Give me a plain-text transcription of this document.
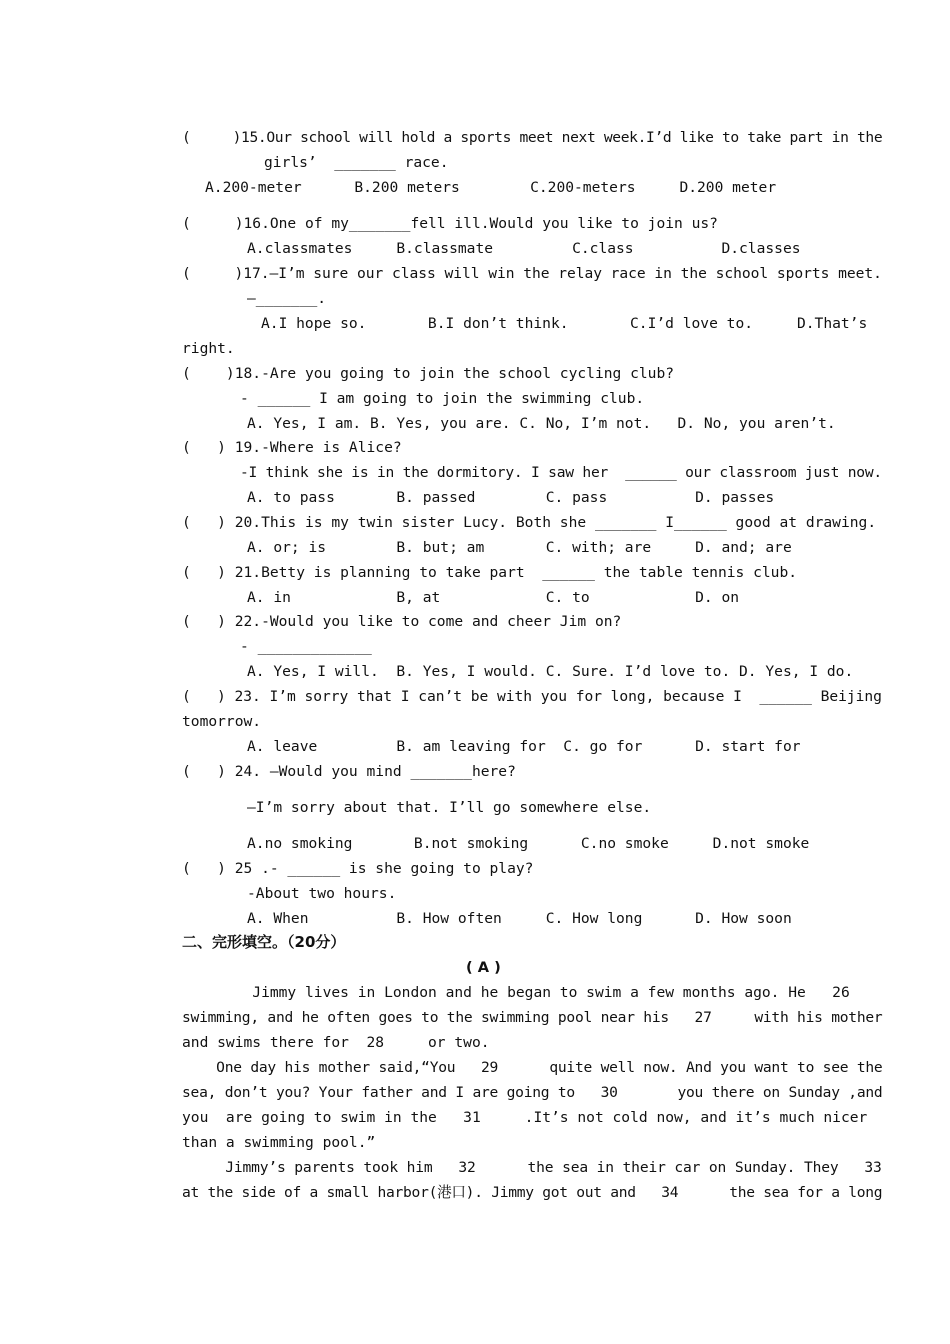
(     )15.Our school will hold a sports meet next week.I’d like to take part in the

girls’  _______ race.

A.200-meter      B.200 meters        C.200-meters     D.200 meter

(     )16.One of my_______fell ill.Would you like to join us?

A.classmates     B.classmate         C.class          D.classes

(     )17.—I’m sure our class will win the relay race in the school sports meet.

—_______.

A.I hope so.       B.I don’t think.       C.I’d love to.     D.That’s

right.

(    )18.-Are you going to join the school cycling club?

- ______ I am going to join the swimming club.

A. Yes, I am. B. Yes, you are. C. No, I’m not.   D. No, you aren’t.

(   ) 19.-Where is Alice?

-I think she is in the dormitory. I saw her  ______ our classroom just now.

A. to pass       B. passed        C. pass          D. passes

(   ) 20.This is my twin sister Lucy. Both she _______ I______ good at drawing.

A. or; is        B. but; am       C. with; are     D. and; are

(   ) 21.Betty is planning to take part  ______ the table tennis club.

A. in            B, at            C. to            D. on

(   ) 22.-Would you like to come and cheer Jim on?

- _____________

A. Yes, I will.  B. Yes, I would. C. Sure. I’d love to. D. Yes, I do.

(   ) 23. I’m sorry that I can’t be with you for long, because I  ______ Beijing

tomorrow.

A. leave         B. am leaving for  C. go for      D. start for

(   ) 24. —Would you mind _______here?

—I’m sorry about that. I’ll go somewhere else.

A.no smoking       B.not smoking      C.no smoke     D.not smoke

(   ) 25 .- ______ is she going to play?

-About two hours.

A. When          B. How often     C. How long      D. How soon

二、完形填空。（20分）

( A )

Jimmy lives in London and he began to swim a few months ago. He   26

swimming, and he often goes to the swimming pool near his   27     with his mother

and swims there for  28     or two.

One day his mother said,“You   29      quite well now. And you want to see the

sea, don’t you? Your father and I are going to   30       you there on Sunday ,and

you  are going to swim in the   31     .It’s not cold now, and it’s much nicer

than a swimming pool.”

Jimmy’s parents took him   32      the sea in their car on Sunday. They   33

at the side of a small harbor(港口). Jimmy got out and   34      the sea for a long
